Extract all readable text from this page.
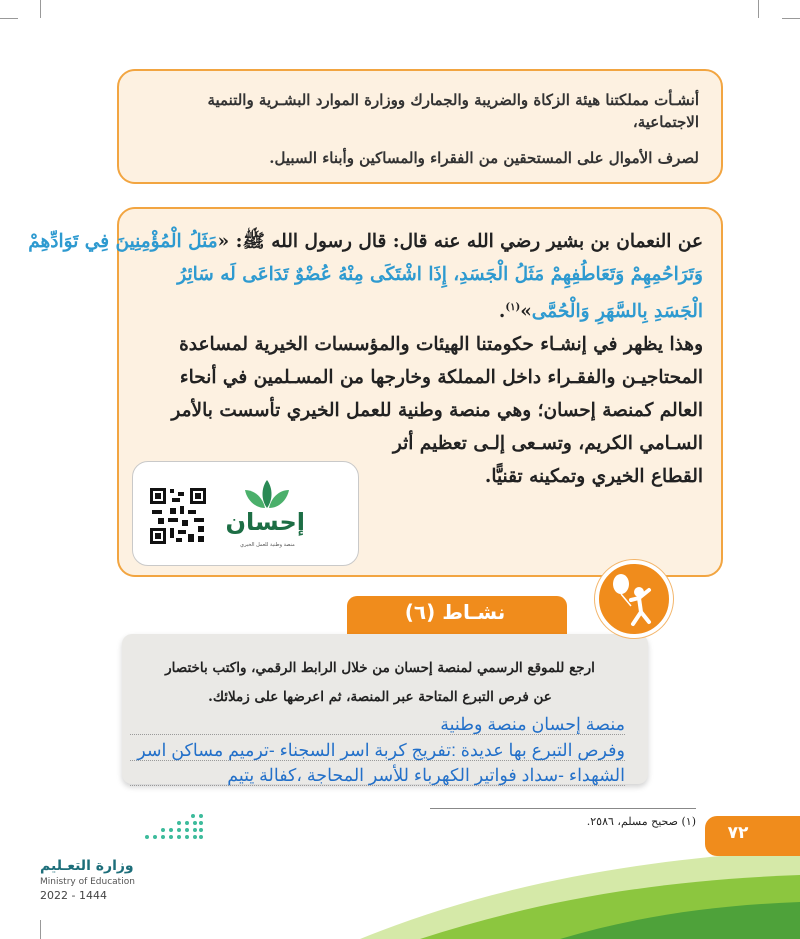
أنشـأت مملكتنا هيئة الزكاة والضريبة والجمارك ووزارة الموارد البشـرية والتنمية الاجتماعية،

لصرف الأموال على المستحقين من الفقراء والمساكين وأبناء السبيل.

عن النعمان بن بشير رضي الله عنه قال: قال رسول الله ﷺ: «مَثَلُ الْمُؤْمِنِينَ فِي تَوَادِّهِمْ
وَتَرَاحُمِهِمْ وَتَعَاطُفِهِمْ مَثَلُ الْجَسَدِ، إِذَا اشْتَكَى مِنْهُ عُضْوٌ تَدَاعَى لَه سَائِرُ
الْجَسَدِ بِالسَّهَرِ وَالْحُمَّى»$^{(١)}$.
وهذا يظهر في إنشـاء حكومتنا الهيئات والمؤسسات الخيرية لمساعدة
المحتاجيـن والفقـراء داخل المملكة وخارجها من المسـلمين في أنحاء
العالم كمنصة إحسان؛ وهي منصة وطنية للعمل الخيري تأسست بالأمر
السـامي الكريم، وتسـعى إلـى تعظيم أثر
القطاع الخيري وتمكينه تقنيًّا.
إحسان
منصة وطنية للعمل الخيري
نشـاط (٦)
ارجع للموقع الرسمي لمنصة إحسان من خلال الرابط الرقمي، واكتب باختصار
عن فرص التبرع المتاحة عبر المنصة، ثم اعرضها على زملائك.
منصة إحسان منصة وطنية
وفرص التبرع بها عديدة :تفريج كربة اسر السجناء -ترميم مساكن اسر
الشهداء -سداد فواتير الكهرباء للأسر المحاجة ،كفالة يتيم
(١) صحيح مسلم، ٢٥٨٦.
٧٢
وزارة التعـليم
Ministry of Education
2022 - 1444
